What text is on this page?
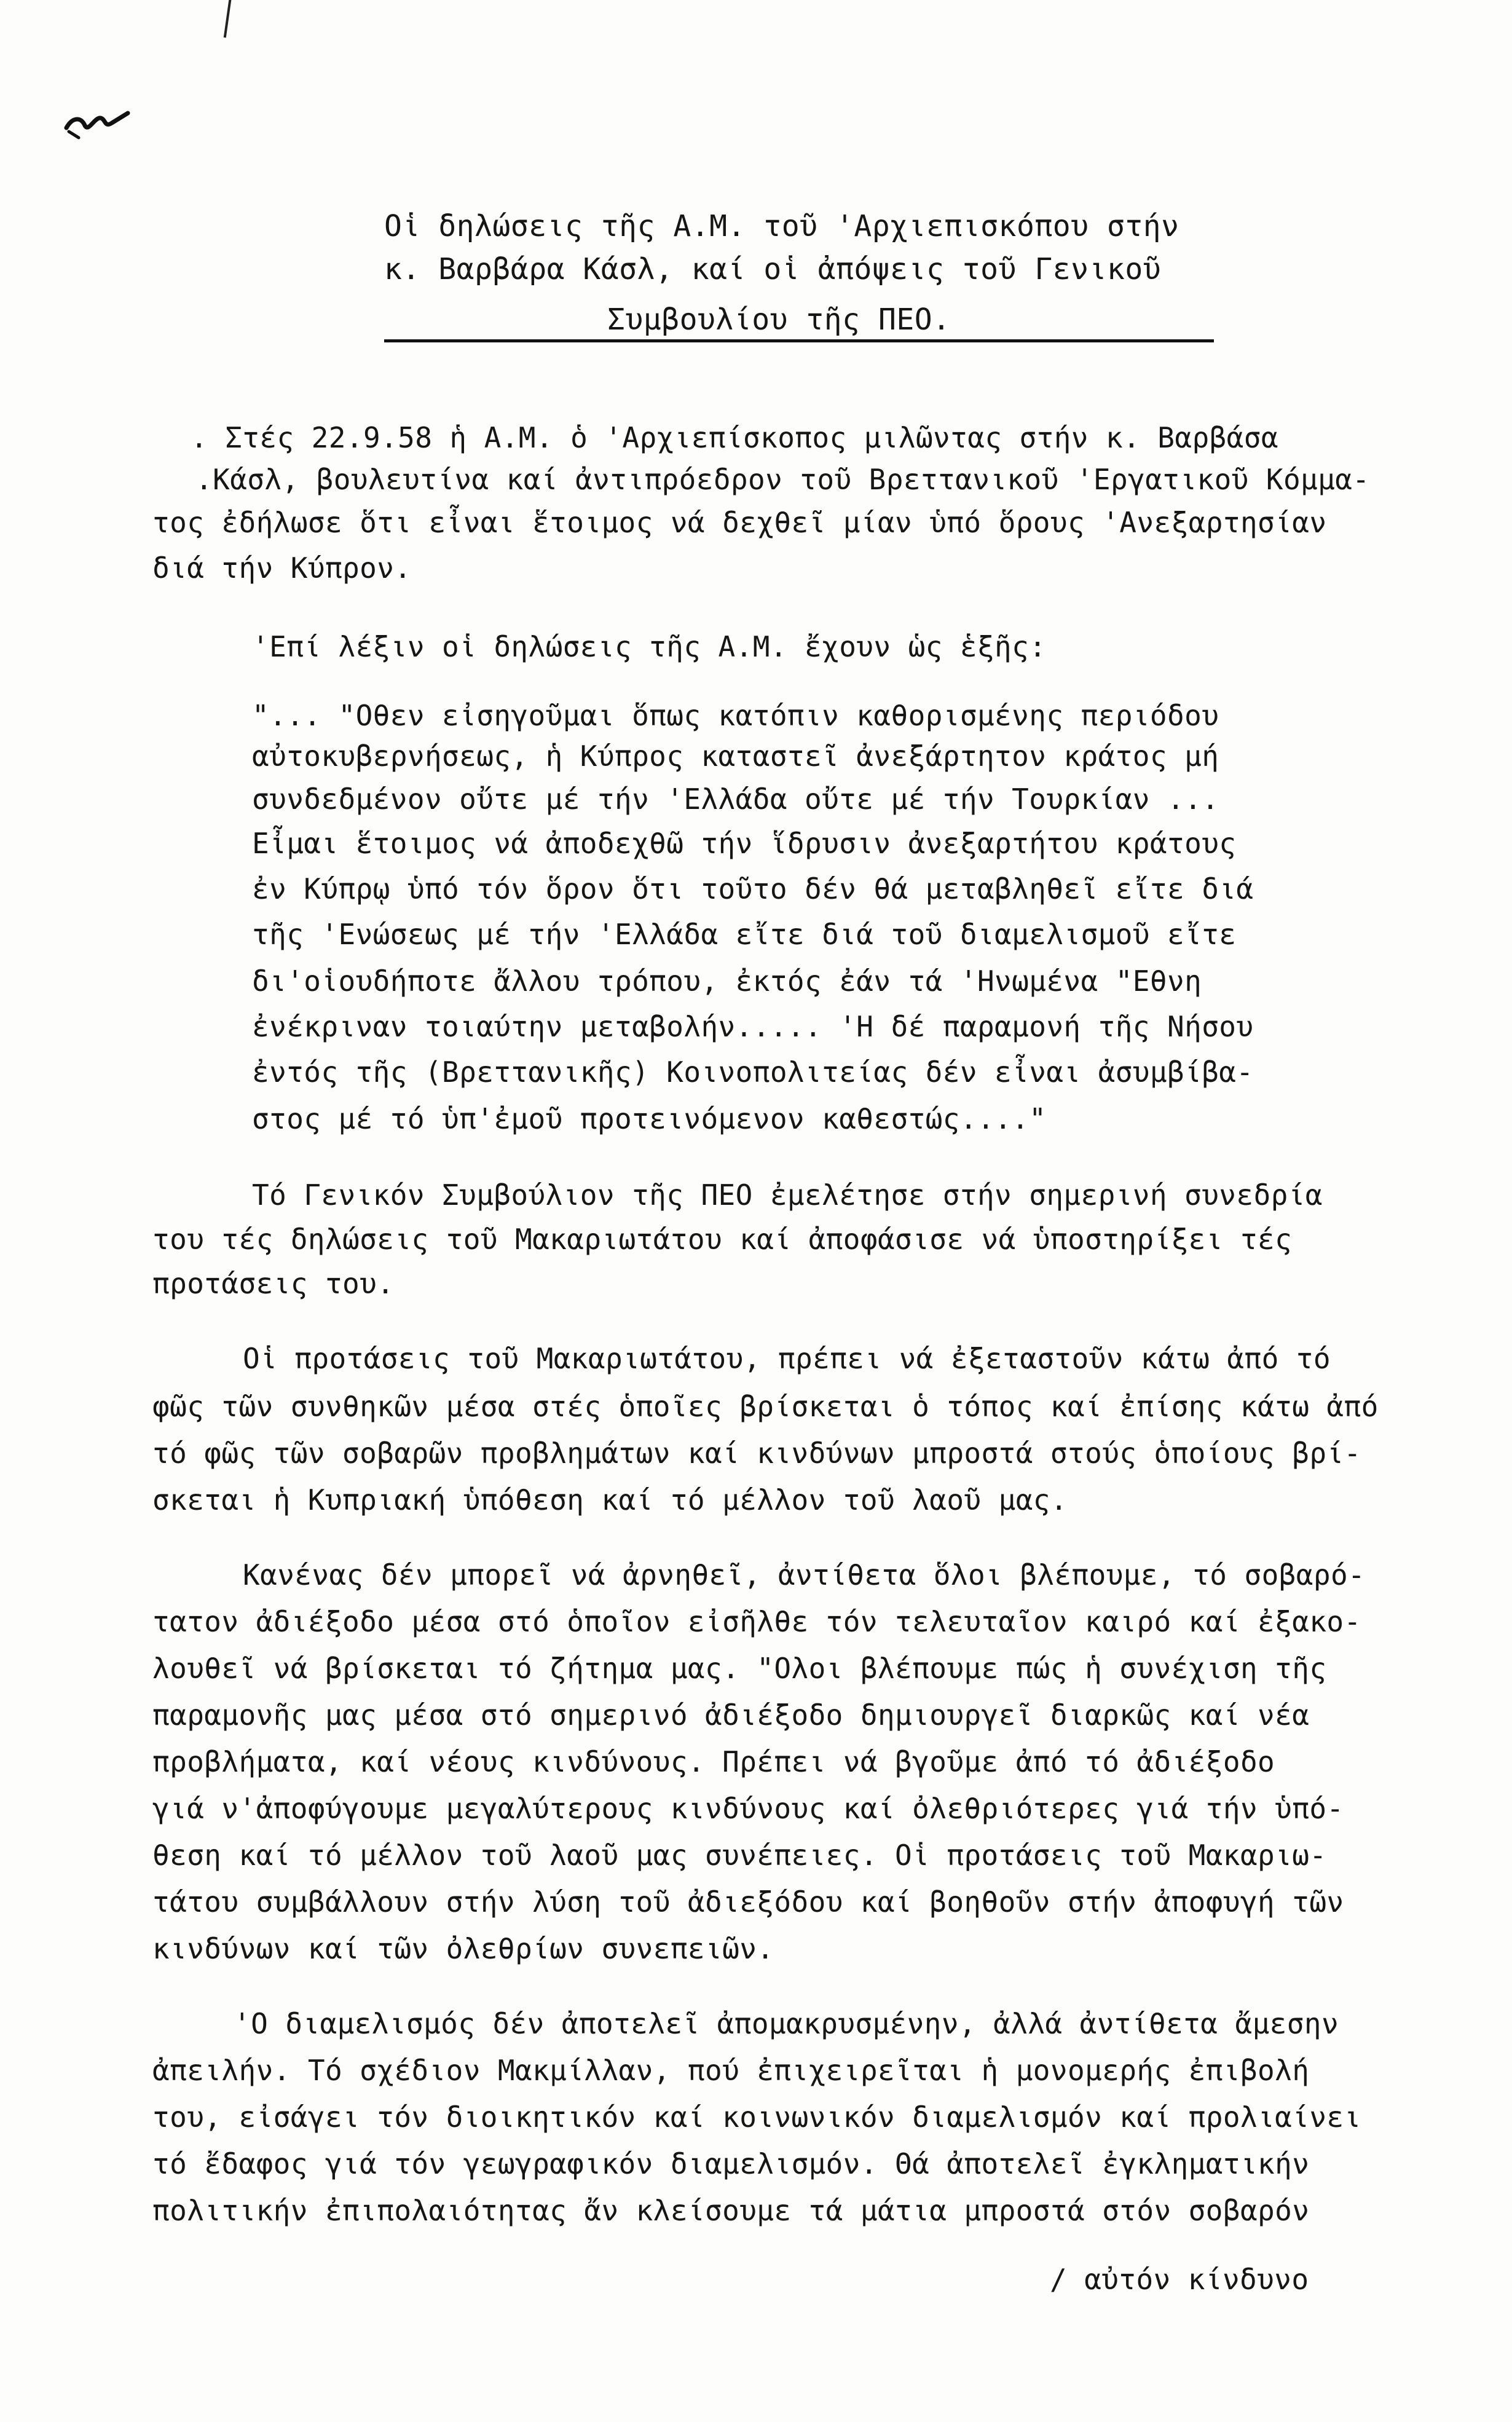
Οἱ δηλώσεις τῆς Α.Μ. τοῦ 'Αρχιεπισκόπου στήν
κ. Βαρβάρα Κάσλ, καί οἱ ἀπόψεις τοῦ Γενικοῦ
Συμβουλίου τῆς ΠΕΟ.
. Στές 22.9.58 ἡ Α.Μ. ὁ 'Αρχιεπίσκοπος μιλῶντας στήν κ. Βαρβάσα
.Κάσλ, βουλευτίνα καί ἀντιπρόεδρον τοῦ Βρεττανικοῦ 'Εργατικοῦ Κόμμα-
τος ἐδήλωσε ὅτι εἶναι ἕτοιμος νά δεχθεῖ μίαν ὑπό ὅρους 'Ανεξαρτησίαν
διά τήν Κύπρον.
'Επί λέξιν οἱ δηλώσεις τῆς Α.Μ. ἔχουν ὡς ἑξῆς:
"... "Οθεν εἰσηγοῦμαι ὅπως κατόπιν καθορισμένης περιόδου
αὐτοκυβερνήσεως, ἡ Κύπρος καταστεῖ ἀνεξάρτητον κράτος μή
συνδεδμένον οὔτε μέ τήν 'Ελλάδα οὔτε μέ τήν Τουρκίαν ...
Εἶμαι ἕτοιμος νά ἀποδεχθῶ τήν ἵδρυσιν ἀνεξαρτήτου κράτους
ἐν Κύπρῳ ὑπό τόν ὅρον ὅτι τοῦτο δέν θά μεταβληθεῖ εἴτε διά
τῆς 'Ενώσεως μέ τήν 'Ελλάδα εἴτε διά τοῦ διαμελισμοῦ εἴτε
δι'οἱουδήποτε ἄλλου τρόπου, ἐκτός ἐάν τά 'Ηνωμένα "Εθνη
ἐνέκριναν τοιαύτην μεταβολήν..... 'Η δέ παραμονή τῆς Νήσου
ἐντός τῆς (Βρεττανικῆς) Κοινοπολιτείας δέν εἶναι ἀσυμβίβα-
στος μέ τό ὑπ'ἐμοῦ προτεινόμενον καθεστώς...."
Τό Γενικόν Συμβούλιον τῆς ΠΕΟ ἐμελέτησε στήν σημερινή συνεδρία
του τές δηλώσεις τοῦ Μακαριωτάτου καί ἀποφάσισε νά ὑποστηρίξει τές
προτάσεις του.
Οἱ προτάσεις τοῦ Μακαριωτάτου, πρέπει νά ἐξεταστοῦν κάτω ἀπό τό
φῶς τῶν συνθηκῶν μέσα στές ὁποῖες βρίσκεται ὁ τόπος καί ἐπίσης κάτω ἀπό
τό φῶς τῶν σοβαρῶν προβλημάτων καί κινδύνων μπροστά στούς ὁποίους βρί-
σκεται ἡ Κυπριακή ὑπόθεση καί τό μέλλον τοῦ λαοῦ μας.
Κανένας δέν μπορεῖ νά ἀρνηθεῖ, ἀντίθετα ὅλοι βλέπουμε, τό σοβαρό-
τατον ἀδιέξοδο μέσα στό ὁποῖον εἰσῆλθε τόν τελευταῖον καιρό καί ἐξακο-
λουθεῖ νά βρίσκεται τό ζήτημα μας. "Ολοι βλέπουμε πώς ἡ συνέχιση τῆς
παραμονῆς μας μέσα στό σημερινό ἀδιέξοδο δημιουργεῖ διαρκῶς καί νέα
προβλήματα, καί νέους κινδύνους. Πρέπει νά βγοῦμε ἀπό τό ἀδιέξοδο
γιά ν'ἀποφύγουμε μεγαλύτερους κινδύνους καί ὀλεθριότερες γιά τήν ὑπό-
θεση καί τό μέλλον τοῦ λαοῦ μας συνέπειες. Οἱ προτάσεις τοῦ Μακαριω-
τάτου συμβάλλουν στήν λύση τοῦ ἀδιεξόδου καί βοηθοῦν στήν ἀποφυγή τῶν
κινδύνων καί τῶν ὀλεθρίων συνεπειῶν.
'Ο διαμελισμός δέν ἀποτελεῖ ἀπομακρυσμένην, ἀλλά ἀντίθετα ἄμεσην
ἀπειλήν. Τό σχέδιον Μακμίλλαν, πού ἐπιχειρεῖται ἡ μονομερής ἐπιβολή
του, εἰσάγει τόν διοικητικόν καί κοινωνικόν διαμελισμόν καί προλιαίνει
τό ἔδαφος γιά τόν γεωγραφικόν διαμελισμόν. Θά ἀποτελεῖ ἐγκληματικήν
πολιτικήν ἐπιπολαιότητας ἄν κλείσουμε τά μάτια μπροστά στόν σοβαρόν
/ αὐτόν κίνδυνο
